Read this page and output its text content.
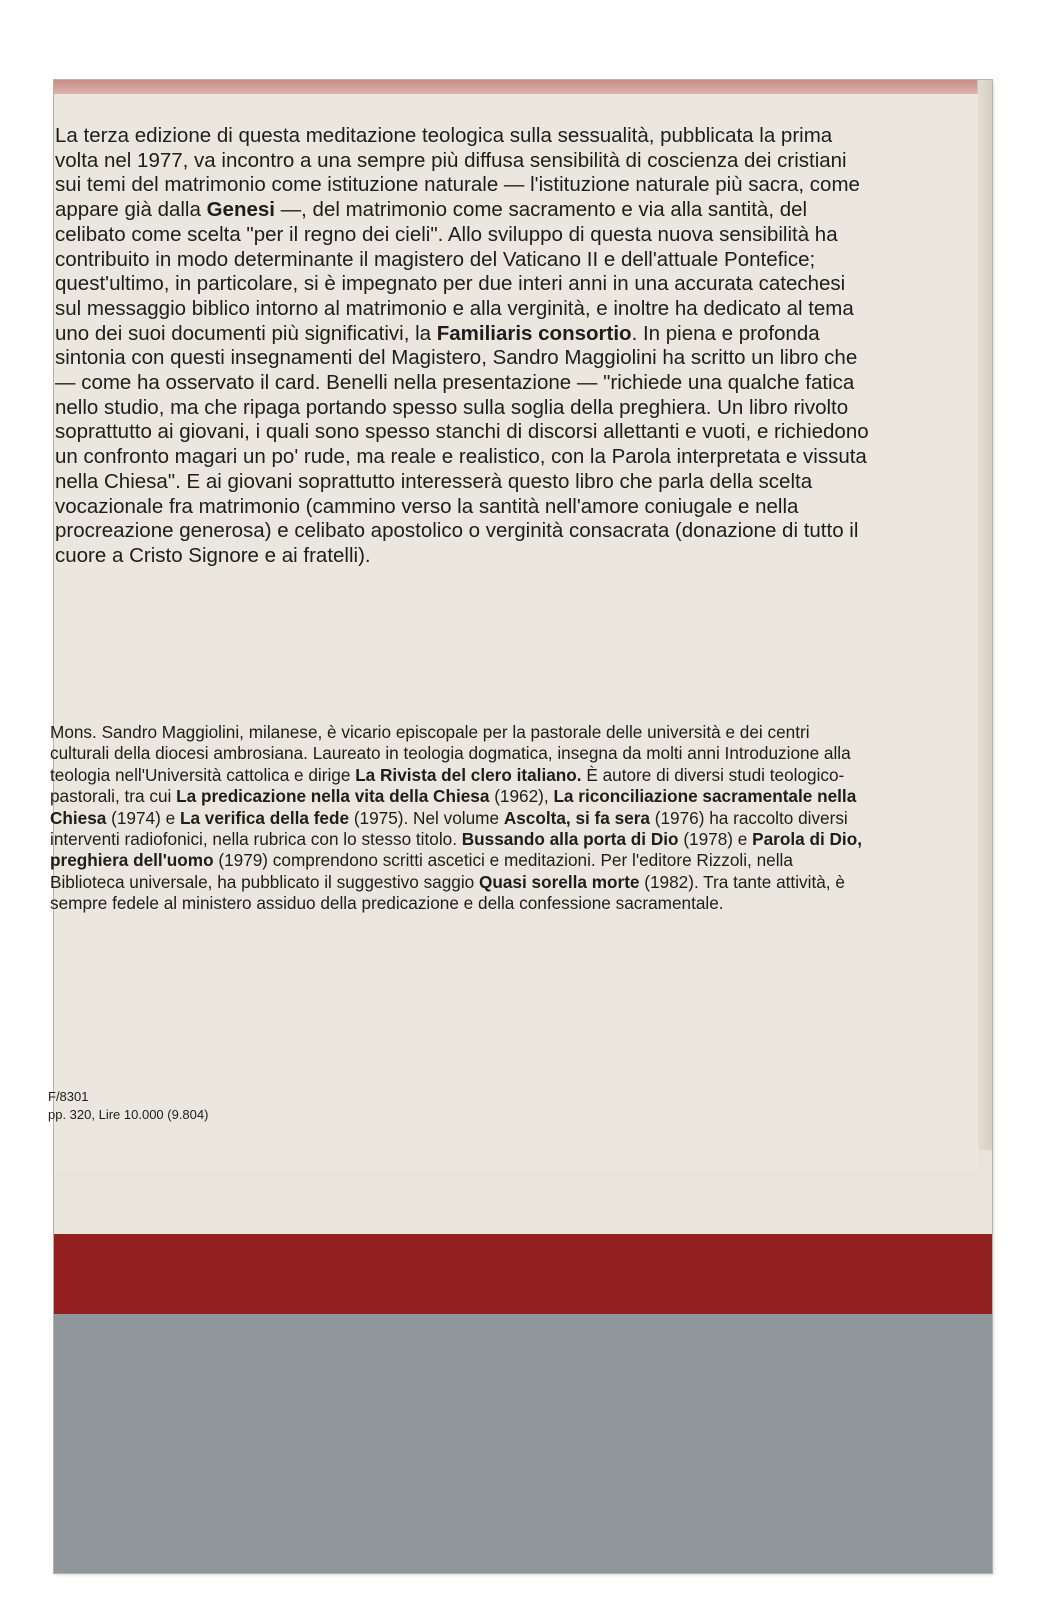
La terza edizione di questa meditazione teologica sulla sessualità, pubblicata la prima volta nel 1977, va incontro a una sempre più diffusa sensibilità di coscienza dei cristiani sui temi del matrimonio come istituzione naturale — l'istituzione naturale più sacra, come appare già dalla Genesi —, del matrimonio come sacramento e via alla santità, del celibato come scelta "per il regno dei cieli". Allo sviluppo di questa nuova sensibilità ha contribuito in modo determinante il magistero del Vaticano II e dell'attuale Pontefice; quest'ultimo, in particolare, si è impegnato per due interi anni in una accurata catechesi sul messaggio biblico intorno al matrimonio e alla verginità, e inoltre ha dedicato al tema uno dei suoi documenti più significativi, la Familiaris consortio. In piena e profonda sintonia con questi insegnamenti del Magistero, Sandro Maggiolini ha scritto un libro che — come ha osservato il card. Benelli nella presentazione — "richiede una qualche fatica nello studio, ma che ripaga portando spesso sulla soglia della preghiera. Un libro rivolto soprattutto ai giovani, i quali sono spesso stanchi di discorsi allettanti e vuoti, e richiedono un confronto magari un po' rude, ma reale e realistico, con la Parola interpretata e vissuta nella Chiesa". E ai giovani soprattutto interesserà questo libro che parla della scelta vocazionale fra matrimonio (cammino verso la santità nell'amore coniugale e nella procreazione generosa) e celibato apostolico o verginità consacrata (donazione di tutto il cuore a Cristo Signore e ai fratelli).

Mons. Sandro Maggiolini, milanese, è vicario episcopale per la pastorale delle università e dei centri culturali della diocesi ambrosiana. Laureato in teologia dogmatica, insegna da molti anni Introduzione alla teologia nell'Università cattolica e dirige La Rivista del clero italiano. È autore di diversi studi teologico-pastorali, tra cui La predicazione nella vita della Chiesa (1962), La riconciliazione sacramentale nella Chiesa (1974) e La verifica della fede (1975). Nel volume Ascolta, si fa sera (1976) ha raccolto diversi interventi radiofonici, nella rubrica con lo stesso titolo. Bussando alla porta di Dio (1978) e Parola di Dio, preghiera dell'uomo (1979) comprendono scritti ascetici e meditazioni. Per l'editore Rizzoli, nella Biblioteca universale, ha pubblicato il suggestivo saggio Quasi sorella morte (1982). Tra tante attività, è sempre fedele al ministero assiduo della predicazione e della confessione sacramentale.

F/8301
pp. 320, Lire 10.000 (9.804)
